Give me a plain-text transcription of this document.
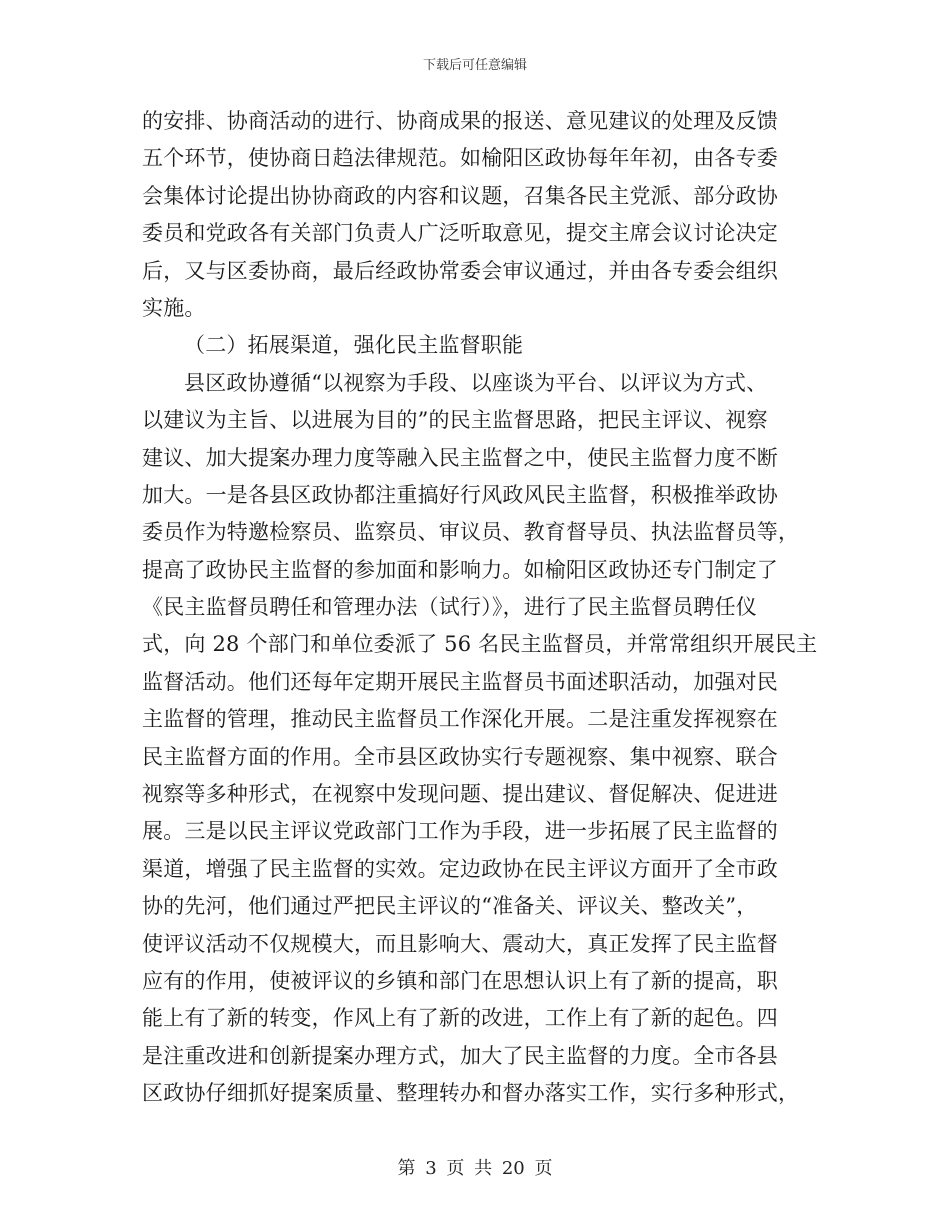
下载后可任意编辑
的安排、协商活动的进行、协商成果的报送、意见建议的处理及反馈
五个环节，使协商日趋法律规范。如榆阳区政协每年年初，由各专委
会集体讨论提出协协商政的内容和议题，召集各民主党派、部分政协
委员和党政各有关部门负责人广泛听取意见，提交主席会议讨论决定
后，又与区委协商，最后经政协常委会审议通过，并由各专委会组织
实施。
（二）拓展渠道，强化民主监督职能
县区政协遵循“以视察为手段、以座谈为平台、以评议为方式、
以建议为主旨、以进展为目的”的民主监督思路，把民主评议、视察
建议、加大提案办理力度等融入民主监督之中，使民主监督力度不断
加大。一是各县区政协都注重搞好行风政风民主监督，积极推举政协
委员作为特邀检察员、监察员、审议员、教育督导员、执法监督员等，
提高了政协民主监督的参加面和影响力。如榆阳区政协还专门制定了
《民主监督员聘任和管理办法（试行）》，进行了民主监督员聘任仪
式，向 28 个部门和单位委派了 56 名民主监督员，并常常组织开展民主
监督活动。他们还每年定期开展民主监督员书面述职活动，加强对民
主监督的管理，推动民主监督员工作深化开展。二是注重发挥视察在
民主监督方面的作用。全市县区政协实行专题视察、集中视察、联合
视察等多种形式，在视察中发现问题、提出建议、督促解决、促进进
展。三是以民主评议党政部门工作为手段，进一步拓展了民主监督的
渠道，增强了民主监督的实效。定边政协在民主评议方面开了全市政
协的先河，他们通过严把民主评议的“准备关、评议关、整改关”，
使评议活动不仅规模大，而且影响大、震动大，真正发挥了民主监督
应有的作用，使被评议的乡镇和部门在思想认识上有了新的提高，职
能上有了新的转变，作风上有了新的改进，工作上有了新的起色。四
是注重改进和创新提案办理方式，加大了民主监督的力度。全市各县
区政协仔细抓好提案质量、整理转办和督办落实工作，实行多种形式，
第 3 页 共 20 页
